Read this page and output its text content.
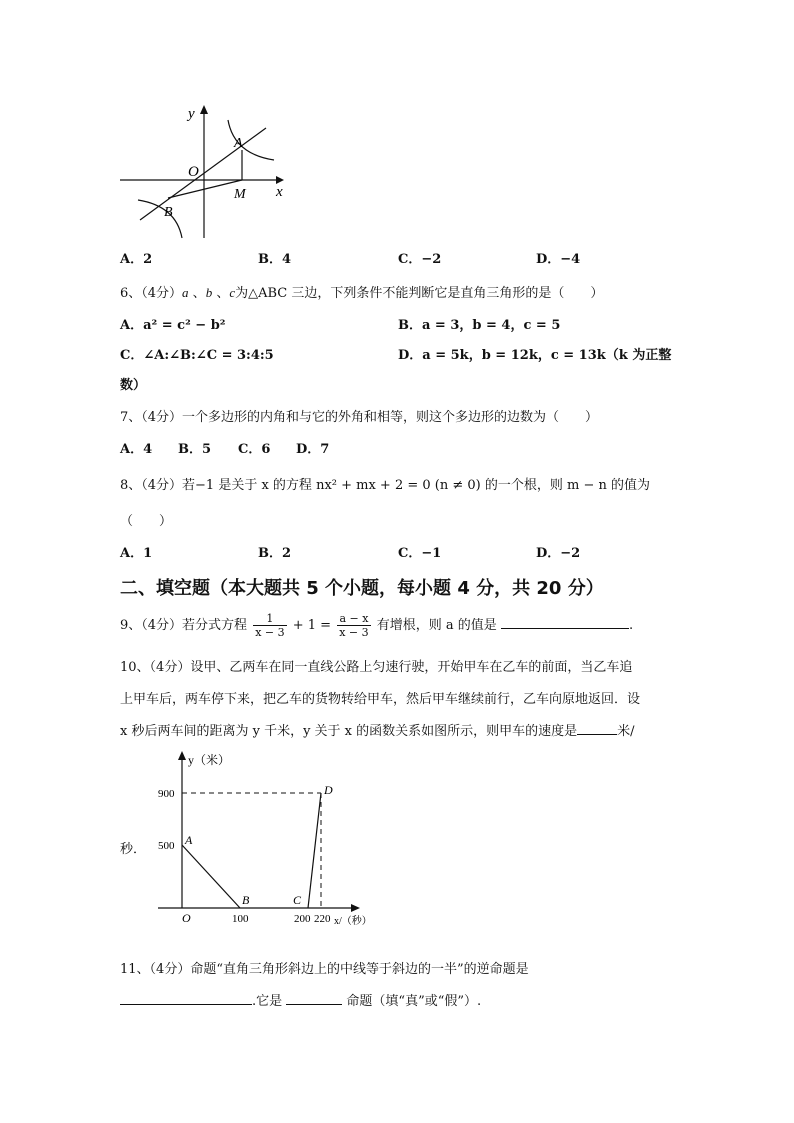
y
O
A
M x
B
A．2	B．4	C．−2	D．−4
6、（4分）a 、b 、c为△ABC 三边，下列条件不能判断它是直角三角形的是（　　）
A．a² = c² − b²	B．a = 3，b = 4，c = 5
C．∠A:∠B:∠C = 3:4:5	D．a = 5k，b = 12k，c = 13k（k 为正整
数）
7、（4分）一个多边形的内角和与它的外角和相等，则这个多边形的边数为（　　）
A．4 B．5 C．6 D．7
8、（4分）若−1 是关于 x 的方程 nx² + mx + 2 = 0 (n ≠ 0) 的一个根，则 m − n 的值为
（　　）
A．1	B．2	C．−1	D．−2
二、填空题（本大题共 5 个小题，每小题 4 分，共 20 分）
9、（4分）若分式方程 $\frac{1}{x - 3} + 1 = \frac{a - x}{x - 3}$ 有增根，则 a 的值是	.
10、（4分）设甲、乙两车在同一直线公路上匀速行驶，开始甲车在乙车的前面，当乙车追
上甲车后，两车停下来，把乙车的货物转给甲车，然后甲车继续前行，乙车向原地返回．设
x 秒后两车间的距离为 y 千米，y 关于 x 的函数关系如图所示，则甲车的速度是	米/
y（米）
900
500 A
D
B	C
O	100	200 220 x/（秒）
秒．
11、（4分）命题“直角三角形斜边上的中线等于斜边的一半”的逆命题是
.它是	命题（填“真”或“假”）.
